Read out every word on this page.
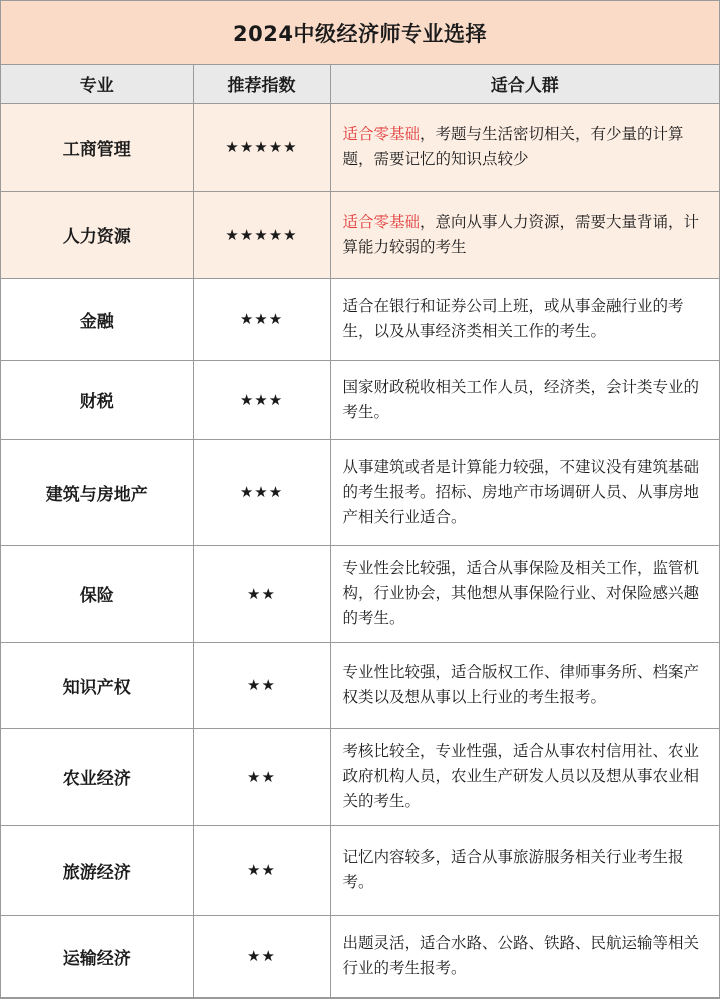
2024中级经济师专业选择
专业	推荐指数	适合人群
工商管理	★★★★★	适合零基础，考题与生活密切相关，有少量的计算题，需要记忆的知识点较少
人力资源	★★★★★	适合零基础，意向从事人力资源，需要大量背诵，计算能力较弱的考生
金融	★★★	适合在银行和证券公司上班，或从事金融行业的考生，以及从事经济类相关工作的考生。
财税	★★★	国家财政税收相关工作人员，经济类，会计类专业的考生。
建筑与房地产	★★★	从事建筑或者是计算能力较强，不建议没有建筑基础的考生报考。招标、房地产市场调研人员、从事房地产相关行业适合。
保险	★★	专业性会比较强，适合从事保险及相关工作，监管机构，行业协会，其他想从事保险行业、对保险感兴趣的考生。
知识产权	★★	专业性比较强，适合版权工作、律师事务所、档案产权类以及想从事以上行业的考生报考。
农业经济	★★	考核比较全，专业性强，适合从事农村信用社、农业政府机构人员，农业生产研发人员以及想从事农业相关的考生。
旅游经济	★★	记忆内容较多，适合从事旅游服务相关行业考生报考。
运输经济	★★	出题灵活，适合水路、公路、铁路、民航运输等相关行业的考生报考。
